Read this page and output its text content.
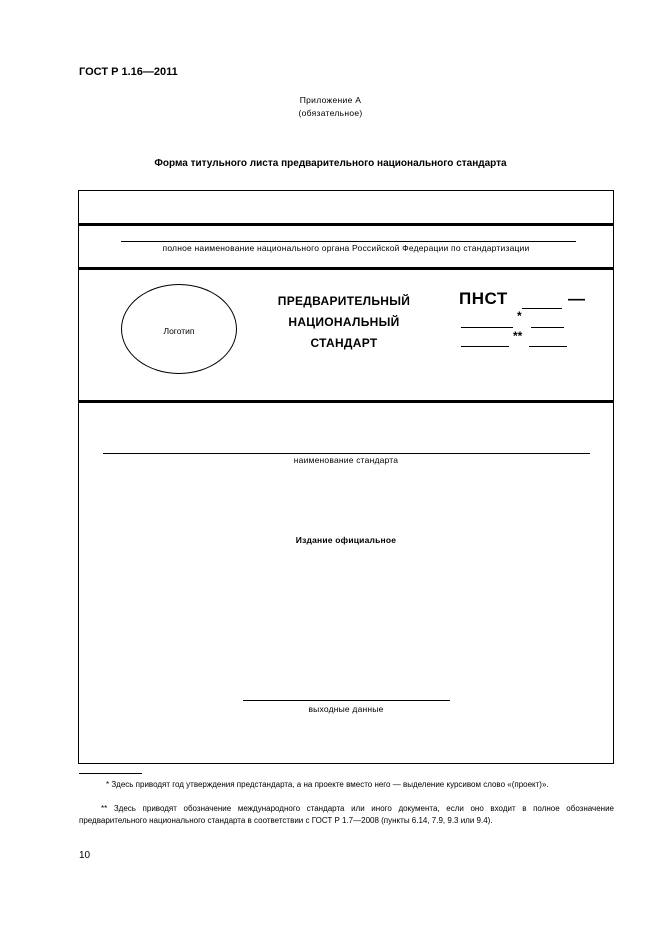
ГОСТ Р 1.16—2011
Приложение А
(обязательное)
Форма титульного листа предварительного национального стандарта
полное наименование национального органа Российской Федерации по стандартизации
Логотип
ПРЕДВАРИТЕЛЬНЫЙ
НАЦИОНАЛЬНЫЙ
СТАНДАРТ
ПНСТ	—
*
**
наименование стандарта
Издание официальное
выходные данные
* Здесь приводят год утверждения предстандарта, а на проекте вместо него — выделение курсивом слово «(проект)».
** Здесь приводят обозначение международного стандарта или иного документа, если оно входит в полное обозначение предварительного национального стандарта в соответствии с ГОСТ Р 1.7—2008 (пункты 6.14, 7.9, 9.3 или 9.4).
10
